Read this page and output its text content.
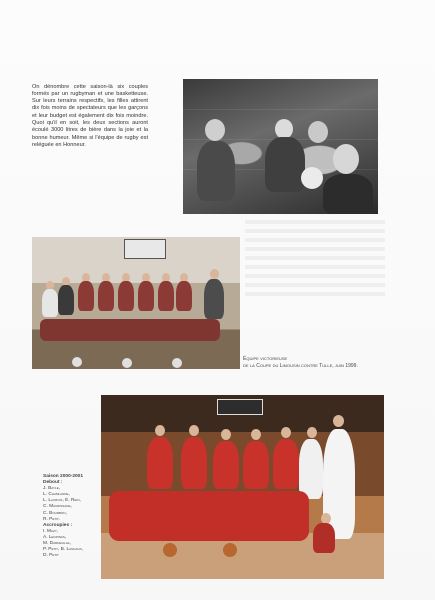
On dénombre cette saison-là six couples formés par un rugbyman et une basketteuse. Sur leurs terrains respectifs, les filles attirent dix fois moins de spectateurs que les garçons et leur budget est également dix fois moindre. Quoi qu'il en soit, les deux sections auront écoulé 3000 litres de bière dans la joie et la bonne humeur. Même si l'équipe de rugby est reléguée en Honneur.

Équipe victorieuse
de la Coupe du Limousin contre Tulle, juin 1999.
Saison 2000-2001
Debout :
J. Bayle,
L. Chamlanne,
L. Lacroix, E. Rein,
C. Maurissane,
C. Bourbon,
R. Petit.
Accroupies :
I. Mazy,
A. Leopinas,
M. Darfeuille,
P. Petit, B. Langaux,
D. Petit
